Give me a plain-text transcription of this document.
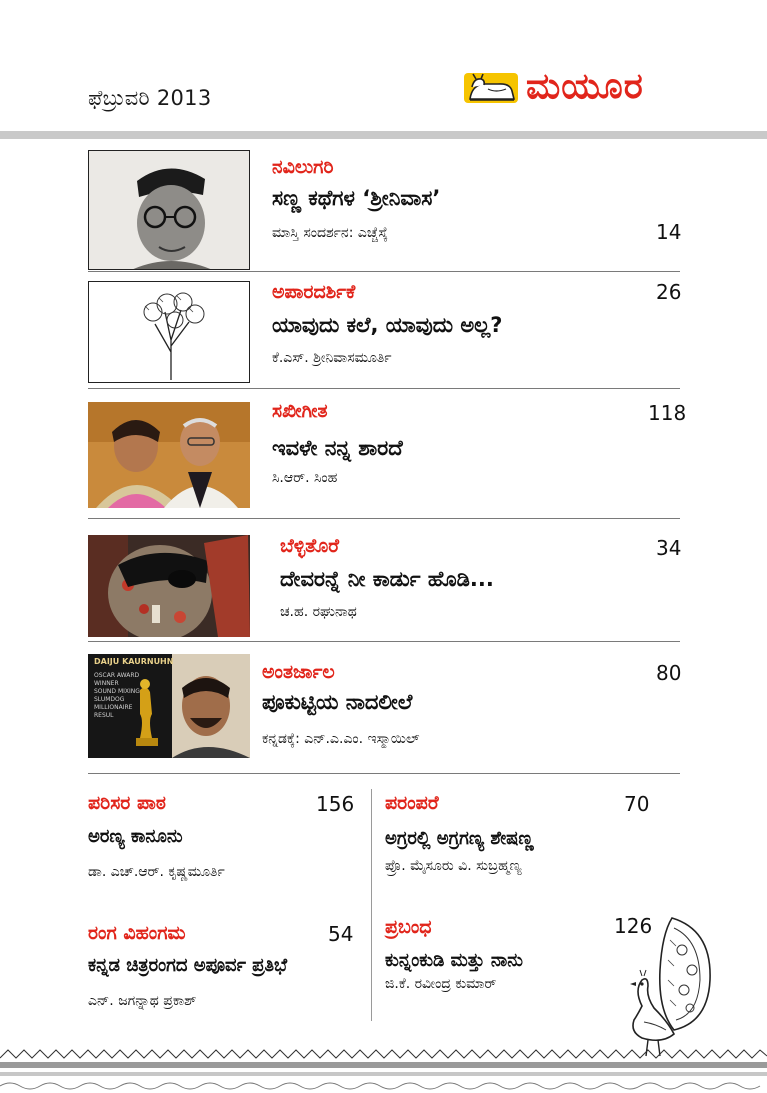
ಫೆಬ್ರುವರಿ 2013	ಮಯೂರ
ನವಿಲುಗರಿ
ಸಣ್ಣ ಕಥೆಗಳ ‘ಶ್ರೀನಿವಾಸ’
ಮಾಸ್ತಿ ಸಂದರ್ಶನ: ಎಚ್ಚೆಸ್ಕೆ	14
ಅಪಾರದರ್ಶಿಕೆ	26
ಯಾವುದು ಕಲೆ, ಯಾವುದು ಅಲ್ಲ?
ಕೆ.ಎಸ್. ಶ್ರೀನಿವಾಸಮೂರ್ತಿ
ಸಖೀಗೀತ	118
ಇವಳೇ ನನ್ನ ಶಾರದೆ
ಸಿ.ಆರ್. ಸಿಂಹ
ಬೆಳ್ಳಿತೊರೆ	34
ದೇವರನ್ನೆ ನೀ ಕಾರ್ಡು ಹೊಡಿ...
ಚ.ಹ. ರಘುನಾಥ
DAIJU KAURNUHN
OSCAR AWARD
WINNER
SOUND MIXING
SLUMDOG
MILLIONAIRE
RESUL
ಅಂತರ್ಜಾಲ	80
ಪೂಕುಟ್ಟಿಯ ನಾದಲೀಲೆ
ಕನ್ನಡಕ್ಕೆ: ಎನ್.ಎ.ಎಂ. ಇಸ್ಮಾಯಿಲ್
ಪರಿಸರ ಪಾಠ	156
ಅರಣ್ಯ ಕಾನೂನು
ಡಾ. ಎಚ್.ಆರ್. ಕೃಷ್ಣಮೂರ್ತಿ
ಪರಂಪರೆ	70
ಅಗ್ರರಲ್ಲಿ ಅಗ್ರಗಣ್ಯ ಶೇಷಣ್ಣ
ಪ್ರೊ. ಮೈಸೂರು ವಿ. ಸುಬ್ರಹ್ಮಣ್ಯ
ರಂಗ ವಿಹಂಗಮ	54
ಕನ್ನಡ ಚಿತ್ರರಂಗದ ಅಪೂರ್ವ ಪ್ರತಿಭೆ
ಎನ್. ಜಗನ್ನಾಥ ಪ್ರಕಾಶ್
ಪ್ರಬಂಧ	126
ಕುನ್ನಂಕುಡಿ ಮತ್ತು ನಾನು
ಜಿ.ಕೆ. ರವೀಂದ್ರ ಕುಮಾರ್
